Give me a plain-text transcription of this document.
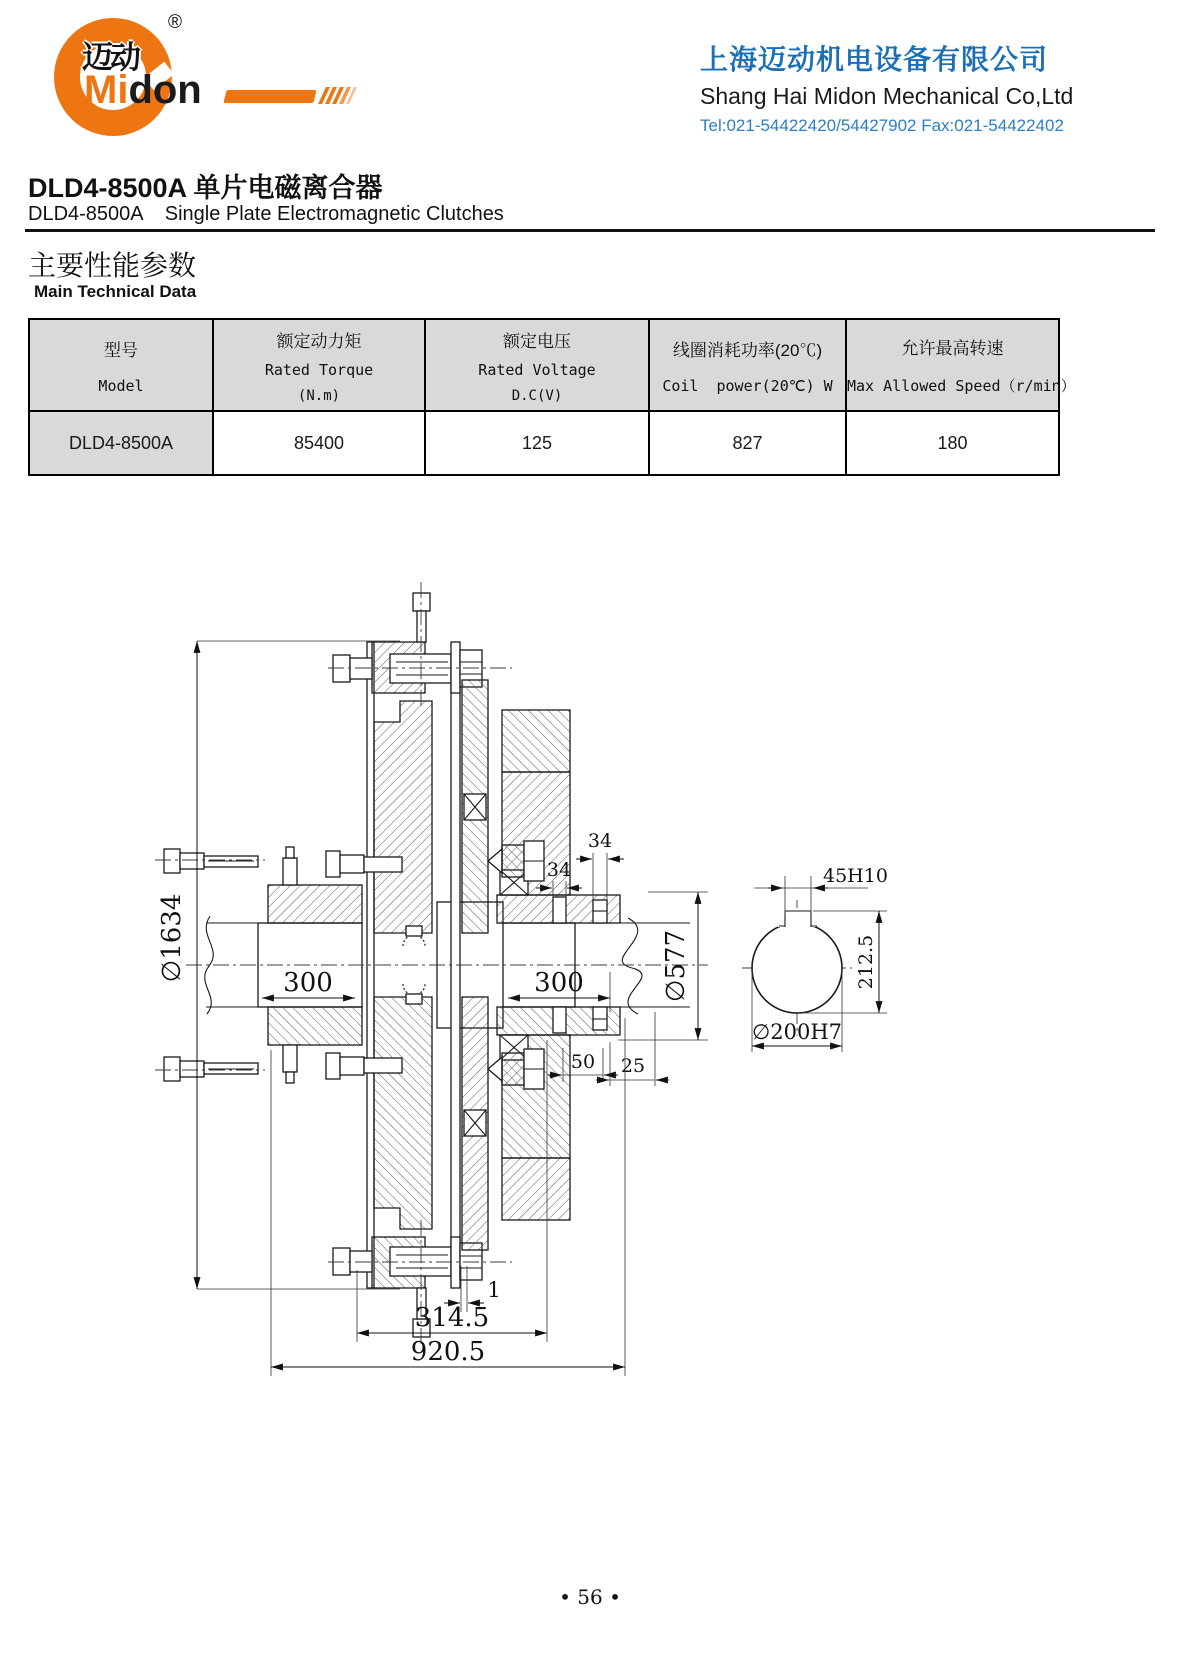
迈动
®
Midon
上海迈动机电设备有限公司
Shang Hai Midon Mechanical Co,Ltd
Tel:021-54422420/54427902 Fax:021-54422402
DLD4-8500A 单片电磁离合器
DLD4-8500A    Single Plate Electromagnetic Clutches
主要性能参数
Main Technical Data
型号
Model	额定动力矩
Rated Torque
(N.m)	额定电压
Rated Voltage
D.C(V)	线圈消耗功率(20℃)
Coil  power(20℃) W	允许最高转速
Max Allowed Speed（r/min）

DLD4-8500A	85400	125	827	180
∅1634
300	300	∅577
34
34
50 25
1
314.5
920.5
45H10
212.5
∅200H7
• 56 •
